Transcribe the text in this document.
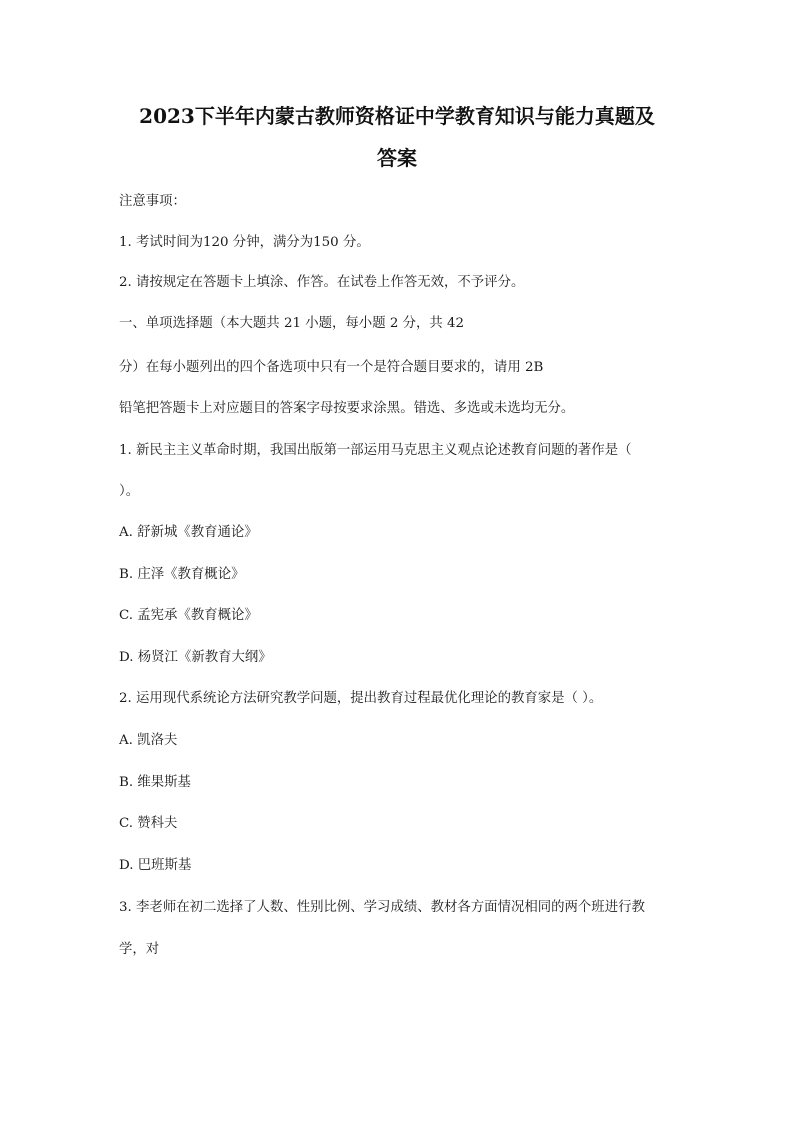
2023下半年内蒙古教师资格证中学教育知识与能力真题及
答案
注意事项：
1. 考试时间为120 分钟，满分为150 分。
2. 请按规定在答题卡上填涂、作答。在试卷上作答无效，不予评分。
一、单项选择题（本大题共 21 小题，每小题 2 分，共 42
分）在每小题列出的四个备选项中只有一个是符合题目要求的，请用 2B
铅笔把答题卡上对应题目的答案字母按要求涂黑。错选、多选或未选均无分。
1. 新民主主义革命时期，我国出版第一部运用马克思主义观点论述教育问题的著作是（
）。
A. 舒新城《教育通论》
B. 庄泽《教育概论》
C. 孟宪承《教育概论》
D. 杨贤江《新教育大纲》
2. 运用现代系统论方法研究教学问题，提出教育过程最优化理论的教育家是（ ）。
A. 凯洛夫
B. 维果斯基
C. 赞科夫
D. 巴班斯基
3. 李老师在初二选择了人数、性别比例、学习成绩、教材各方面情况相同的两个班进行教
学，对
